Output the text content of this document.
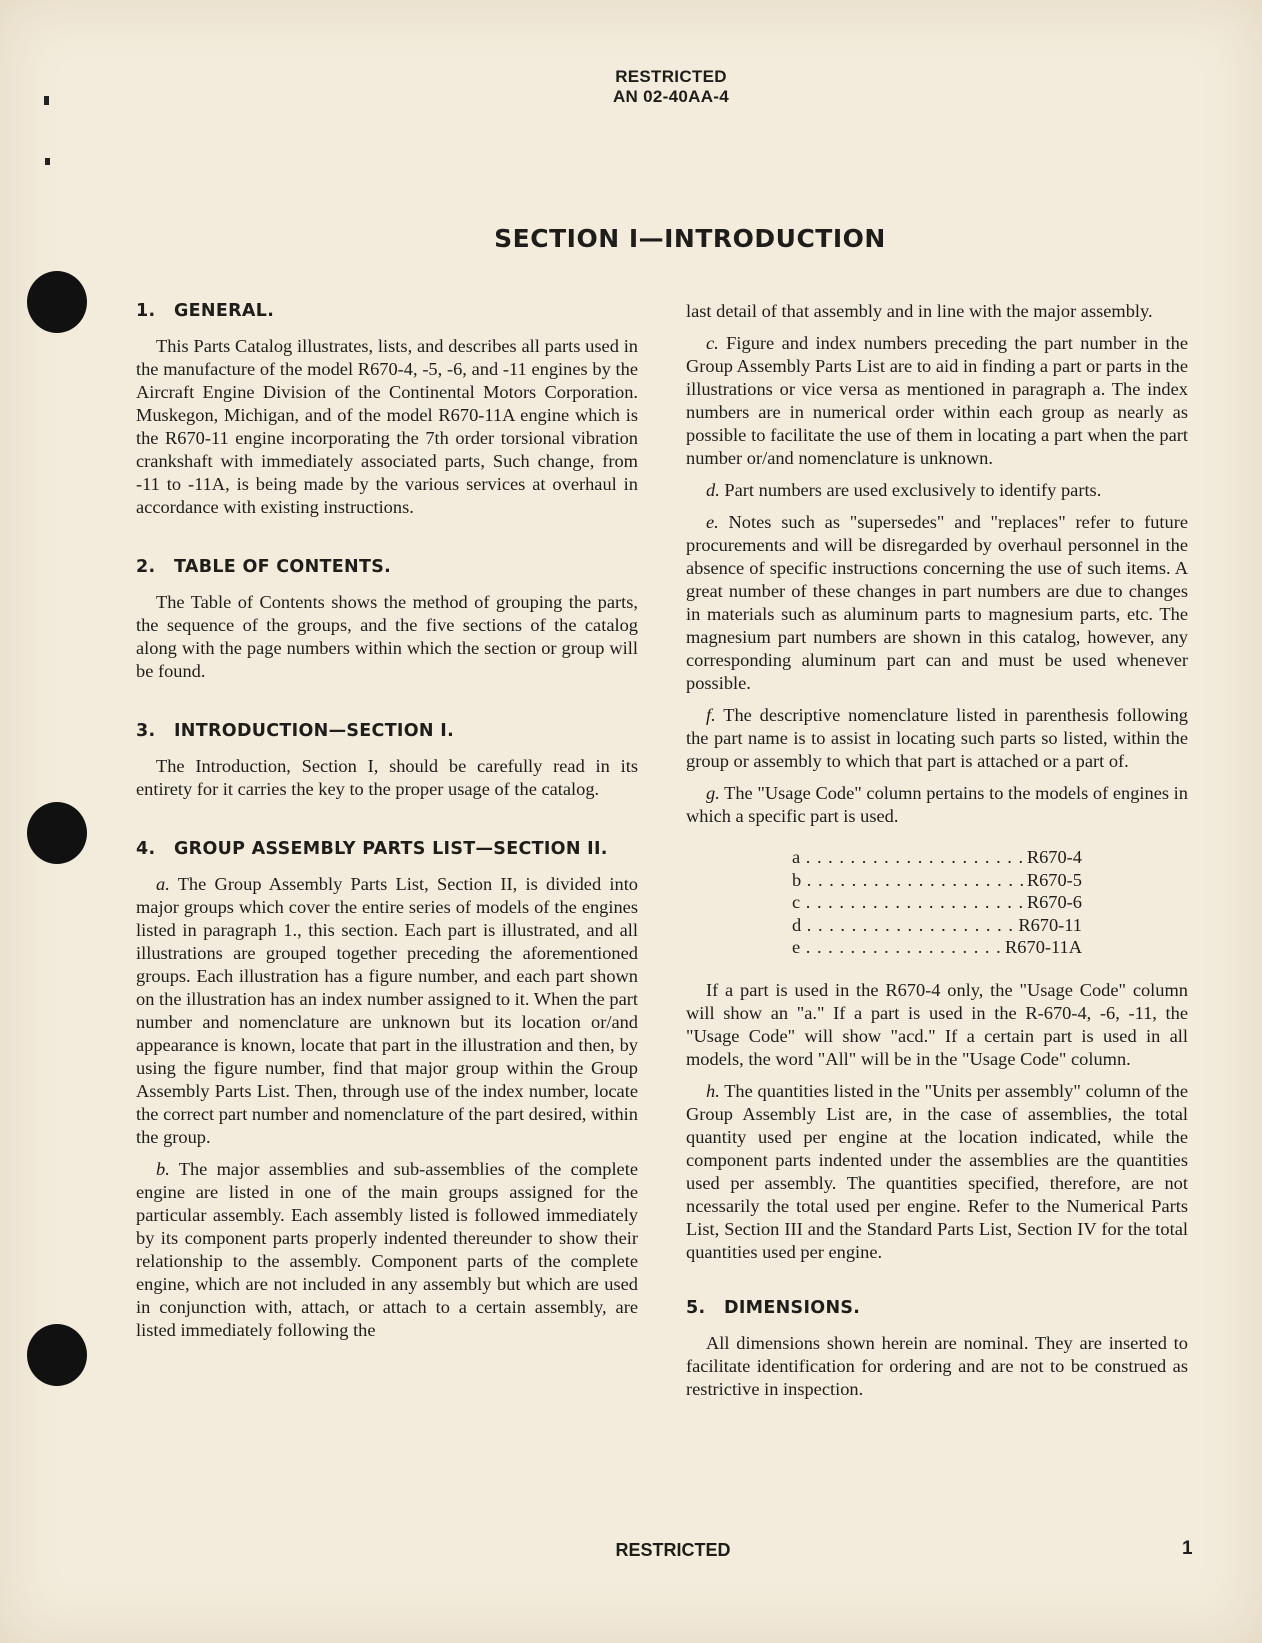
RESTRICTED
AN 02-40AA-4
SECTION I—INTRODUCTION
1. GENERAL.

This Parts Catalog illustrates, lists, and describes all parts used in the manufacture of the model R670-4, -5, -6, and -11 engines by the Aircraft Engine Division of the Continental Motors Corporation. Muskegon, Michigan, and of the model R670-11A engine which is the R670-11 engine incorporating the 7th order torsional vibration crankshaft with immediately associated parts, Such change, from -11 to -11A, is being made by the various services at overhaul in accordance with existing instructions.

2. TABLE OF CONTENTS.

The Table of Contents shows the method of grouping the parts, the sequence of the groups, and the five sections of the catalog along with the page numbers within which the section or group will be found.

3. INTRODUCTION—SECTION I.

The Introduction, Section I, should be carefully read in its entirety for it carries the key to the proper usage of the catalog.

4. GROUP ASSEMBLY PARTS LIST—SECTION II.

a. The Group Assembly Parts List, Section II, is divided into major groups which cover the entire series of models of the engines listed in paragraph 1., this section. Each part is illustrated, and all illustrations are grouped together preceding the aforementioned groups. Each illustration has a figure number, and each part shown on the illustration has an index number assigned to it. When the part number and nomenclature are unknown but its location or/and appearance is known, locate that part in the illustration and then, by using the figure number, find that major group within the Group Assembly Parts List. Then, through use of the index number, locate the correct part number and nomenclature of the part desired, within the group.

b. The major assemblies and sub-assemblies of the complete engine are listed in one of the main groups assigned for the particular assembly. Each assembly listed is followed immediately by its component parts properly indented thereunder to show their relationship to the assembly. Component parts of the complete engine, which are not included in any assembly but which are used in conjunction with, attach, or attach to a certain assembly, are listed immediately following the

last detail of that assembly and in line with the major assembly.

c. Figure and index numbers preceding the part number in the Group Assembly Parts List are to aid in finding a part or parts in the illustrations or vice versa as mentioned in paragraph a. The index numbers are in numerical order within each group as nearly as possible to facilitate the use of them in locating a part when the part number or/and nomenclature is unknown.

d. Part numbers are used exclusively to identify parts.

e. Notes such as "supersedes" and "replaces" refer to future procurements and will be disregarded by overhaul personnel in the absence of specific instructions concerning the use of such items. A great number of these changes in part numbers are due to changes in materials such as aluminum parts to magnesium parts, etc. The magnesium part numbers are shown in this catalog, however, any corresponding aluminum part can and must be used whenever possible.

f. The descriptive nomenclature listed in parenthesis following the part name is to assist in locating such parts so listed, within the group or assembly to which that part is attached or a part of.

g. The "Usage Code" column pertains to the models of engines in which a specific part is used.

a . . .	R670-4
b . . .	R670-5
c . . .	R670-6
d . . .	R670-11
e . . .	R670-11A

If a part is used in the R670-4 only, the "Usage Code" column will show an "a." If a part is used in the R-670-4, -6, -11, the "Usage Code" will show "acd." If a certain part is used in all models, the word "All" will be in the "Usage Code" column.

h. The quantities listed in the "Units per assembly" column of the Group Assembly List are, in the case of assemblies, the total quantity used per engine at the location indicated, while the component parts indented under the assemblies are the quantities used per assembly. The quantities specified, therefore, are not ncessarily the total used per engine. Refer to the Numerical Parts List, Section III and the Standard Parts List, Section IV for the total quantities used per engine.

5. DIMENSIONS.

All dimensions shown herein are nominal. They are inserted to facilitate identification for ordering and are not to be construed as restrictive in inspection.

RESTRICTED	1
